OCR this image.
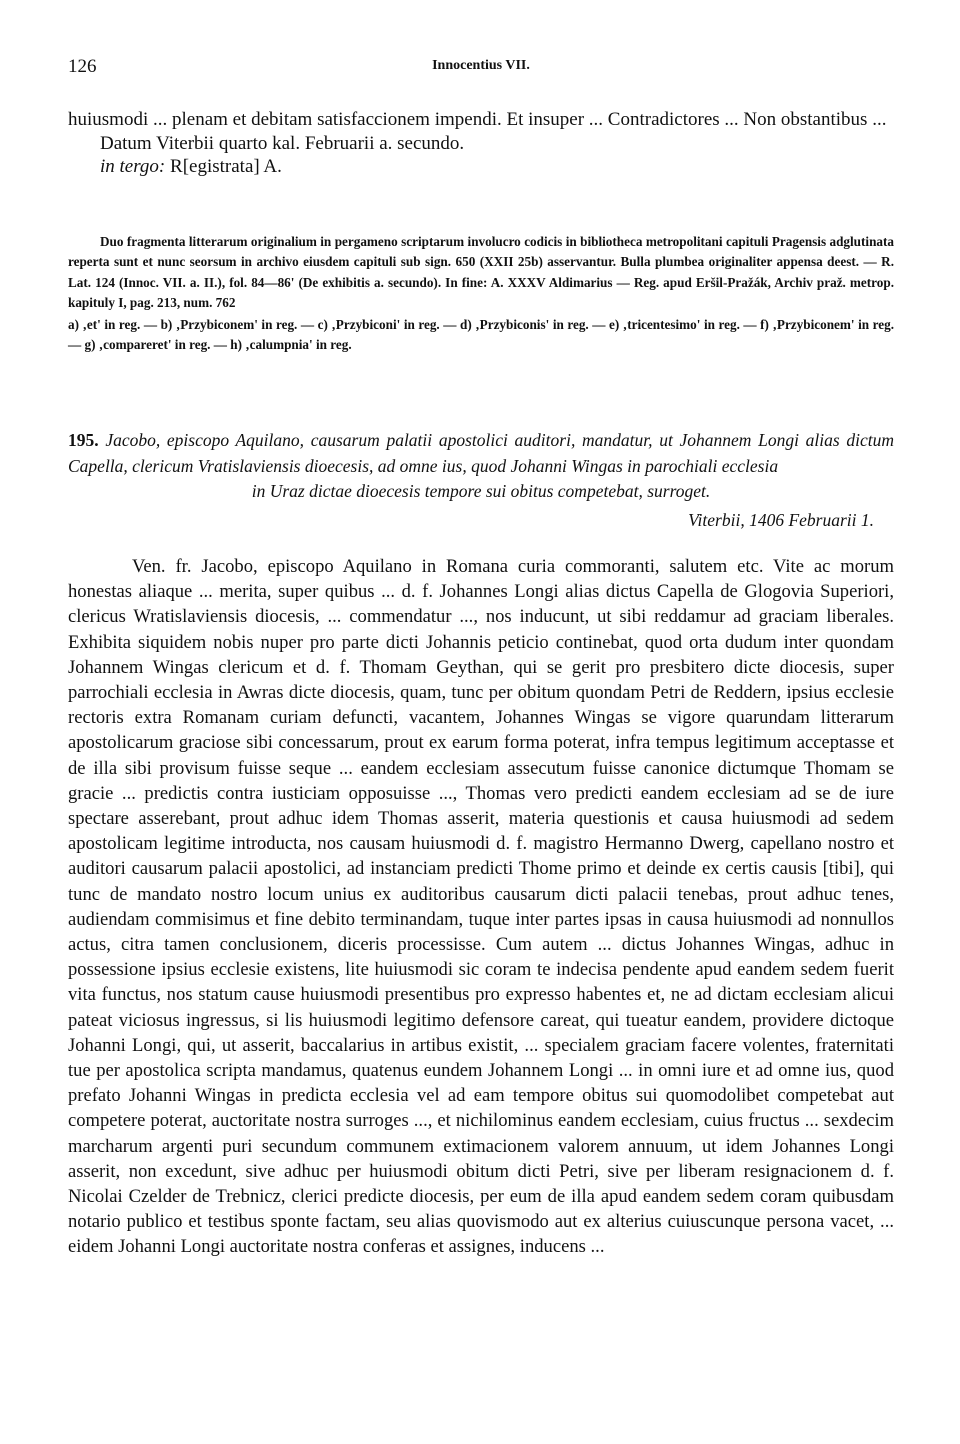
126	Innocentius VII.

huiusmodi ... plenam et debitam satisfaccionem impendi. Et insuper ... Contradictores ... Non obstantibus ...

Datum Viterbii quarto kal. Februarii a. secundo.

in tergo: R[egistrata] A.

Duo fragmenta litterarum originalium in pergameno scriptarum involucro codicis in bibliotheca metropolitani capituli Pragensis adglutinata reperta sunt et nunc seorsum in archivo eiusdem capituli sub sign. 650 (XXII 25b) asservantur. Bulla plumbea originaliter appensa deest. — R. Lat. 124 (Innoc. VII. a. II.), fol. 84—86' (De exhibitis a. secundo). In fine: A. XXXV Aldimarius — Reg. apud Eršil-Pražák, Archiv praž. metrop. kapituly I, pag. 213, num. 762

a) ‚et' in reg. — b) ‚Przybiconem' in reg. — c) ‚Przybiconi' in reg. — d) ‚Przybiconis' in reg. — e) ‚tricentesimo' in reg. — f) ‚Przybiconem' in reg. — g) ‚compareret' in reg. — h) ‚calumpnia' in reg.

195. Jacobo, episcopo Aquilano, causarum palatii apostolici auditori, mandatur, ut Johannem Longi alias dictum Capella, clericum Vratislaviensis dioecesis, ad omne ius, quod Johanni Wingas in parochiali ecclesia

in Uraz dictae dioecesis tempore sui obitus competebat, surroget.

Viterbii, 1406 Februarii 1.

Ven. fr. Jacobo, episcopo Aquilano in Romana curia commoranti, salutem etc. Vite ac morum honestas aliaque ... merita, super quibus ... d. f. Johannes Longi alias dictus Capella de Glogovia Superiori, clericus Wratislaviensis diocesis, ... commendatur ..., nos inducunt, ut sibi reddamur ad graciam liberales. Exhibita siquidem nobis nuper pro parte dicti Johannis peticio continebat, quod orta dudum inter quondam Johannem Wingas clericum et d. f. Thomam Geythan, qui se gerit pro presbitero dicte diocesis, super parrochiali ecclesia in Awras dicte diocesis, quam, tunc per obitum quondam Petri de Reddern, ipsius ecclesie rectoris extra Romanam curiam defuncti, vacantem, Johannes Wingas se vigore quarundam litterarum apostolicarum graciose sibi concessarum, prout ex earum forma poterat, infra tempus legitimum acceptasse et de illa sibi provisum fuisse seque ... eandem ecclesiam assecutum fuisse canonice dictumque Thomam se gracie ... predictis contra iusticiam opposuisse ..., Thomas vero predicti eandem ecclesiam ad se de iure spectare asserebant, prout adhuc idem Thomas asserit, materia questionis et causa huiusmodi ad sedem apostolicam legitime introducta, nos causam huiusmodi d. f. magistro Hermanno Dwerg, capellano nostro et auditori causarum palacii apostolici, ad instanciam predicti Thome primo et deinde ex certis causis [tibi], qui tunc de mandato nostro locum unius ex auditoribus causarum dicti palacii tenebas, prout adhuc tenes, audiendam commisimus et fine debito terminandam, tuque inter partes ipsas in causa huiusmodi ad nonnullos actus, citra tamen conclusionem, diceris processisse. Cum autem ... dictus Johannes Wingas, adhuc in possessione ipsius ecclesie existens, lite huiusmodi sic coram te indecisa pendente apud eandem sedem fuerit vita functus, nos statum cause huiusmodi presentibus pro expresso habentes et, ne ad dictam ecclesiam alicui pateat viciosus ingressus, si lis huiusmodi legitimo defensore careat, qui tueatur eandem, providere dictoque Johanni Longi, qui, ut asserit, baccalarius in artibus existit, ... specialem graciam facere volentes, fraternitati tue per apostolica scripta mandamus, quatenus eundem Johannem Longi ... in omni iure et ad omne ius, quod prefato Johanni Wingas in predicta ecclesia vel ad eam tempore obitus sui quomodolibet competebat aut competere poterat, auctoritate nostra surroges ..., et nichilominus eandem ecclesiam, cuius fructus ... sexdecim marcharum argenti puri secundum communem extimacionem valorem annuum, ut idem Johannes Longi asserit, non excedunt, sive adhuc per huiusmodi obitum dicti Petri, sive per liberam resignacionem d. f. Nicolai Czelder de Trebnicz, clerici predicte diocesis, per eum de illa apud eandem sedem coram quibusdam notario publico et testibus sponte factam, seu alias quovismodo aut ex alterius cuiuscunque persona vacet, ... eidem Johanni Longi auctoritate nostra conferas et assignes, inducens ...
